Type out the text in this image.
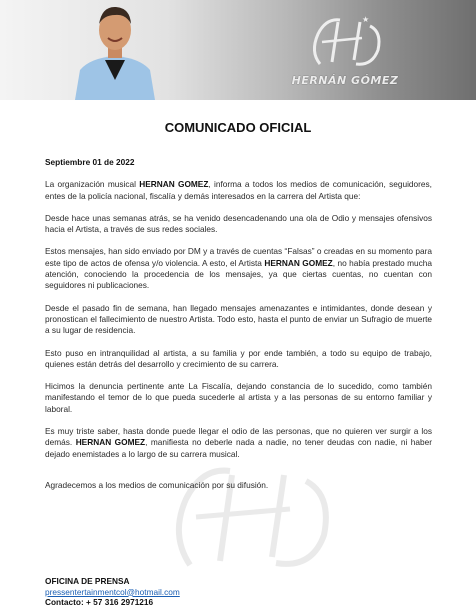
★
HERNÁN GÓMEZ
COMUNICADO OFICIAL

Septiembre 01 de 2022

La organización musical HERNAN GOMEZ, informa a todos los medios de comunicación, seguidores, entes de la policía nacional, fiscalía y demás interesados en la carrera del Artista que:

Desde hace unas semanas atrás, se ha venido desencadenando una ola de Odio y mensajes ofensivos hacia el Artista, a través de sus redes sociales.

Estos mensajes, han sido enviado por DM y a través de cuentas “Falsas” o creadas en su momento para este tipo de actos de ofensa y/o violencia. A esto, el Artista HERNAN GOMEZ, no había prestado mucha atención, conociendo la procedencia de los mensajes, ya que ciertas cuentas, no cuentan con seguidores ni publicaciones.

Desde el pasado fin de semana, han llegado mensajes amenazantes e intimidantes, donde desean y pronostican el fallecimiento de nuestro Artista. Todo esto, hasta el punto de enviar un Sufragio de muerte a su lugar de residencia.

Esto puso en intranquilidad al artista, a su familia y por ende también, a todo su equipo de trabajo, quienes están detrás del desarrollo y crecimiento de su carrera.

Hicimos la denuncia pertinente ante La Fiscalía, dejando constancia de lo sucedido, como también manifestando el temor de lo que pueda sucederle al artista y a las personas de su entorno familiar y laboral.

Es muy triste saber, hasta donde puede llegar el odio de las personas, que no quieren ver surgir a los demás. HERNAN GOMEZ, manifiesta no deberle nada a nadie, no tener deudas con nadie, ni haber dejado enemistades a lo largo de su carrera musical.

Agradecemos a los medios de comunicación por su difusión.

OFICINA DE PRENSA
pressentertainmentcol@hotmail.com
Contacto: + 57 316 2971216
